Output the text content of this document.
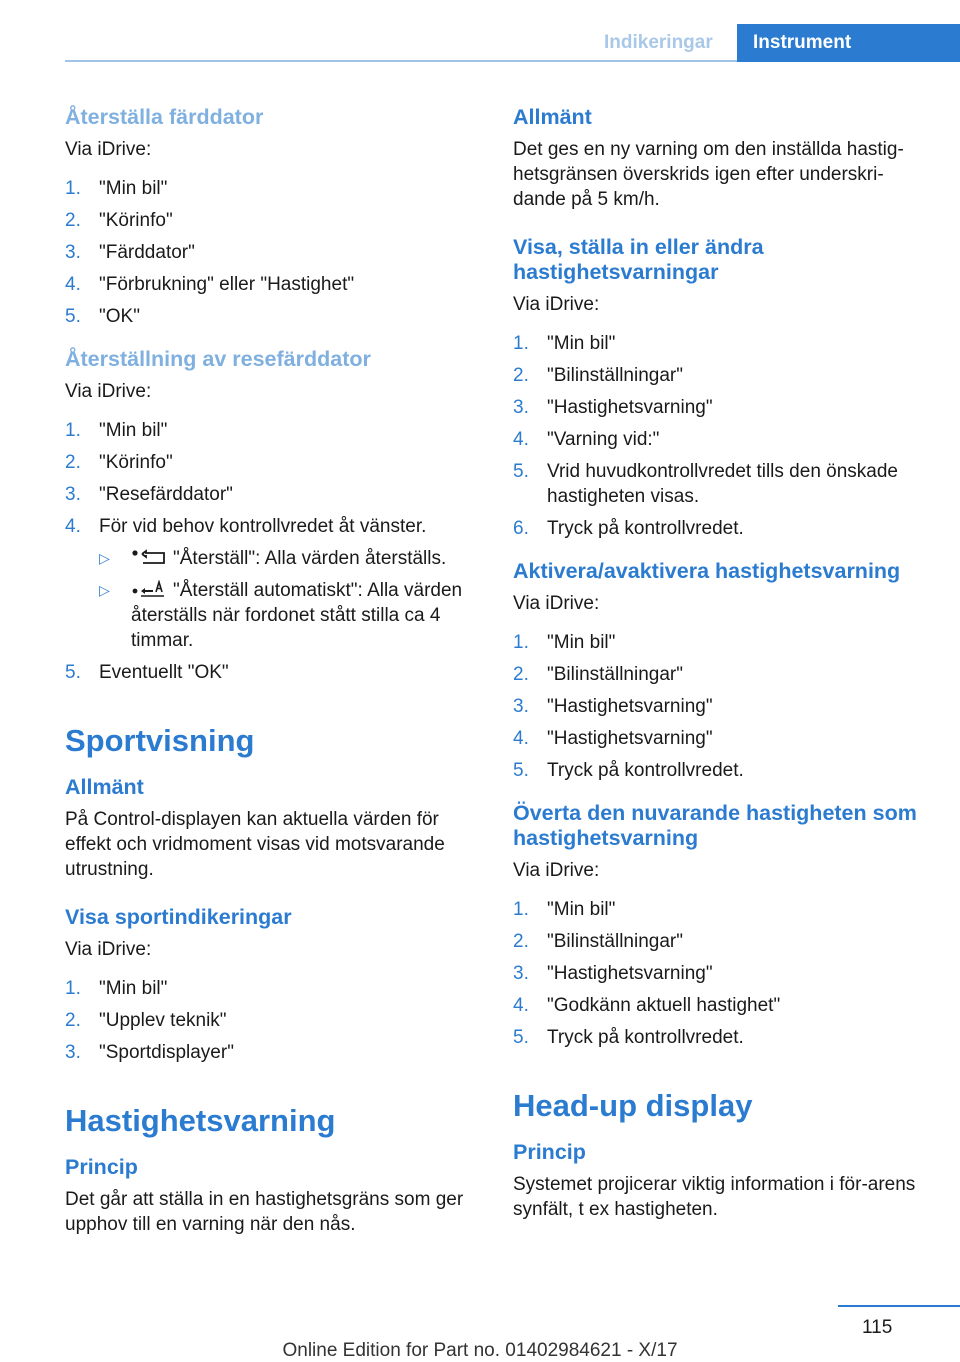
Indikeringar	Instrument
Återställa färddator

Via iDrive:

1. "Min bil"
2. "Körinfo"
3. "Färddator"
4. "Förbrukning" eller "Hastighet"
5. "OK"
Återställning av resefärddator

Via iDrive:

1. "Min bil"
2. "Körinfo"
3. "Resefärddator"
4. För vid behov kontrollvredet åt vänster.
▷	"Återställ": Alla värden återställs.
▷	"Återställ automatiskt": Alla värden återställs när fordonet stått stilla ca 4 timmar.
5. Eventuellt "OK"
Sportvisning
Allmänt

På Control-displayen kan aktuella värden för effekt och vridmoment visas vid motsvarande utrustning.

Visa sportindikeringar

Via iDrive:

1. "Min bil"
2. "Upplev teknik"
3. "Sportdisplayer"
Hastighetsvarning
Princip

Det går att ställa in en hastighetsgräns som ger upphov till en varning när den nås.

Allmänt

Det ges en ny varning om den inställda hastig‐hetsgränsen överskrids igen efter underskri‐dande på 5 km/h.

Visa, ställa in eller ändra hastighetsvarningar

Via iDrive:

1. "Min bil"
2. "Bilinställningar"
3. "Hastighetsvarning"
4. "Varning vid:"
5. Vrid huvudkontrollvredet tills den önskade hastigheten visas.
6. Tryck på kontrollvredet.
Aktivera/avaktivera hastighetsvarning

Via iDrive:

1. "Min bil"
2. "Bilinställningar"
3. "Hastighetsvarning"
4. "Hastighetsvarning"
5. Tryck på kontrollvredet.
Överta den nuvarande hastigheten som hastighetsvarning

Via iDrive:

1. "Min bil"
2. "Bilinställningar"
3. "Hastighetsvarning"
4. "Godkänn aktuell hastighet"
5. Tryck på kontrollvredet.
Head-up display
Princip

Systemet projicerar viktig information i för‐arens synfält, t ex hastigheten.

115
Online Edition for Part no. 01402984621 - X/17
